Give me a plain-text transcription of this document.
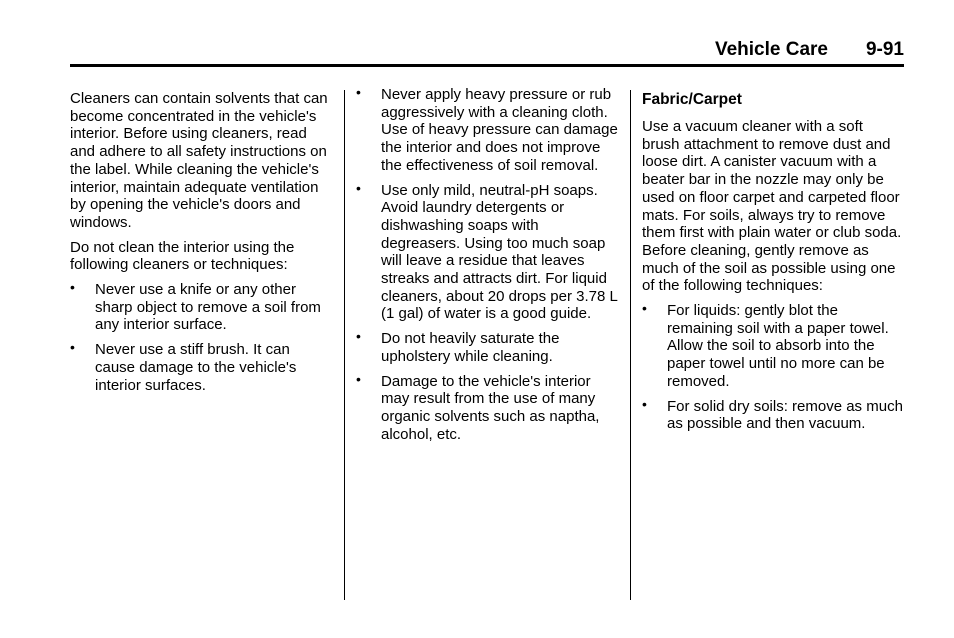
Vehicle Care 9-91

Cleaners can contain solvents that can become concentrated in the vehicle's interior. Before using cleaners, read and adhere to all safety instructions on the label. While cleaning the vehicle's interior, maintain adequate ventilation by opening the vehicle's doors and windows.

Do not clean the interior using the following cleaners or techniques:

• Never use a knife or any other sharp object to remove a soil from any interior surface.
• Never use a stiff brush. It can cause damage to the vehicle's interior surfaces.
• Never apply heavy pressure or rub aggressively with a cleaning cloth. Use of heavy pressure can damage the interior and does not improve the effectiveness of soil removal.
• Use only mild, neutral-pH soaps. Avoid laundry detergents or dishwashing soaps with degreasers. Using too much soap will leave a residue that leaves streaks and attracts dirt. For liquid cleaners, about 20 drops per 3.78 L (1 gal) of water is a good guide.
• Do not heavily saturate the upholstery while cleaning.
• Damage to the vehicle's interior may result from the use of many organic solvents such as naptha, alcohol, etc.
Fabric/Carpet

Use a vacuum cleaner with a soft brush attachment to remove dust and loose dirt. A canister vacuum with a beater bar in the nozzle may only be used on floor carpet and carpeted floor mats. For soils, always try to remove them first with plain water or club soda. Before cleaning, gently remove as much of the soil as possible using one of the following techniques:

• For liquids: gently blot the remaining soil with a paper towel. Allow the soil to absorb into the paper towel until no more can be removed.
• For solid dry soils: remove as much as possible and then vacuum.
